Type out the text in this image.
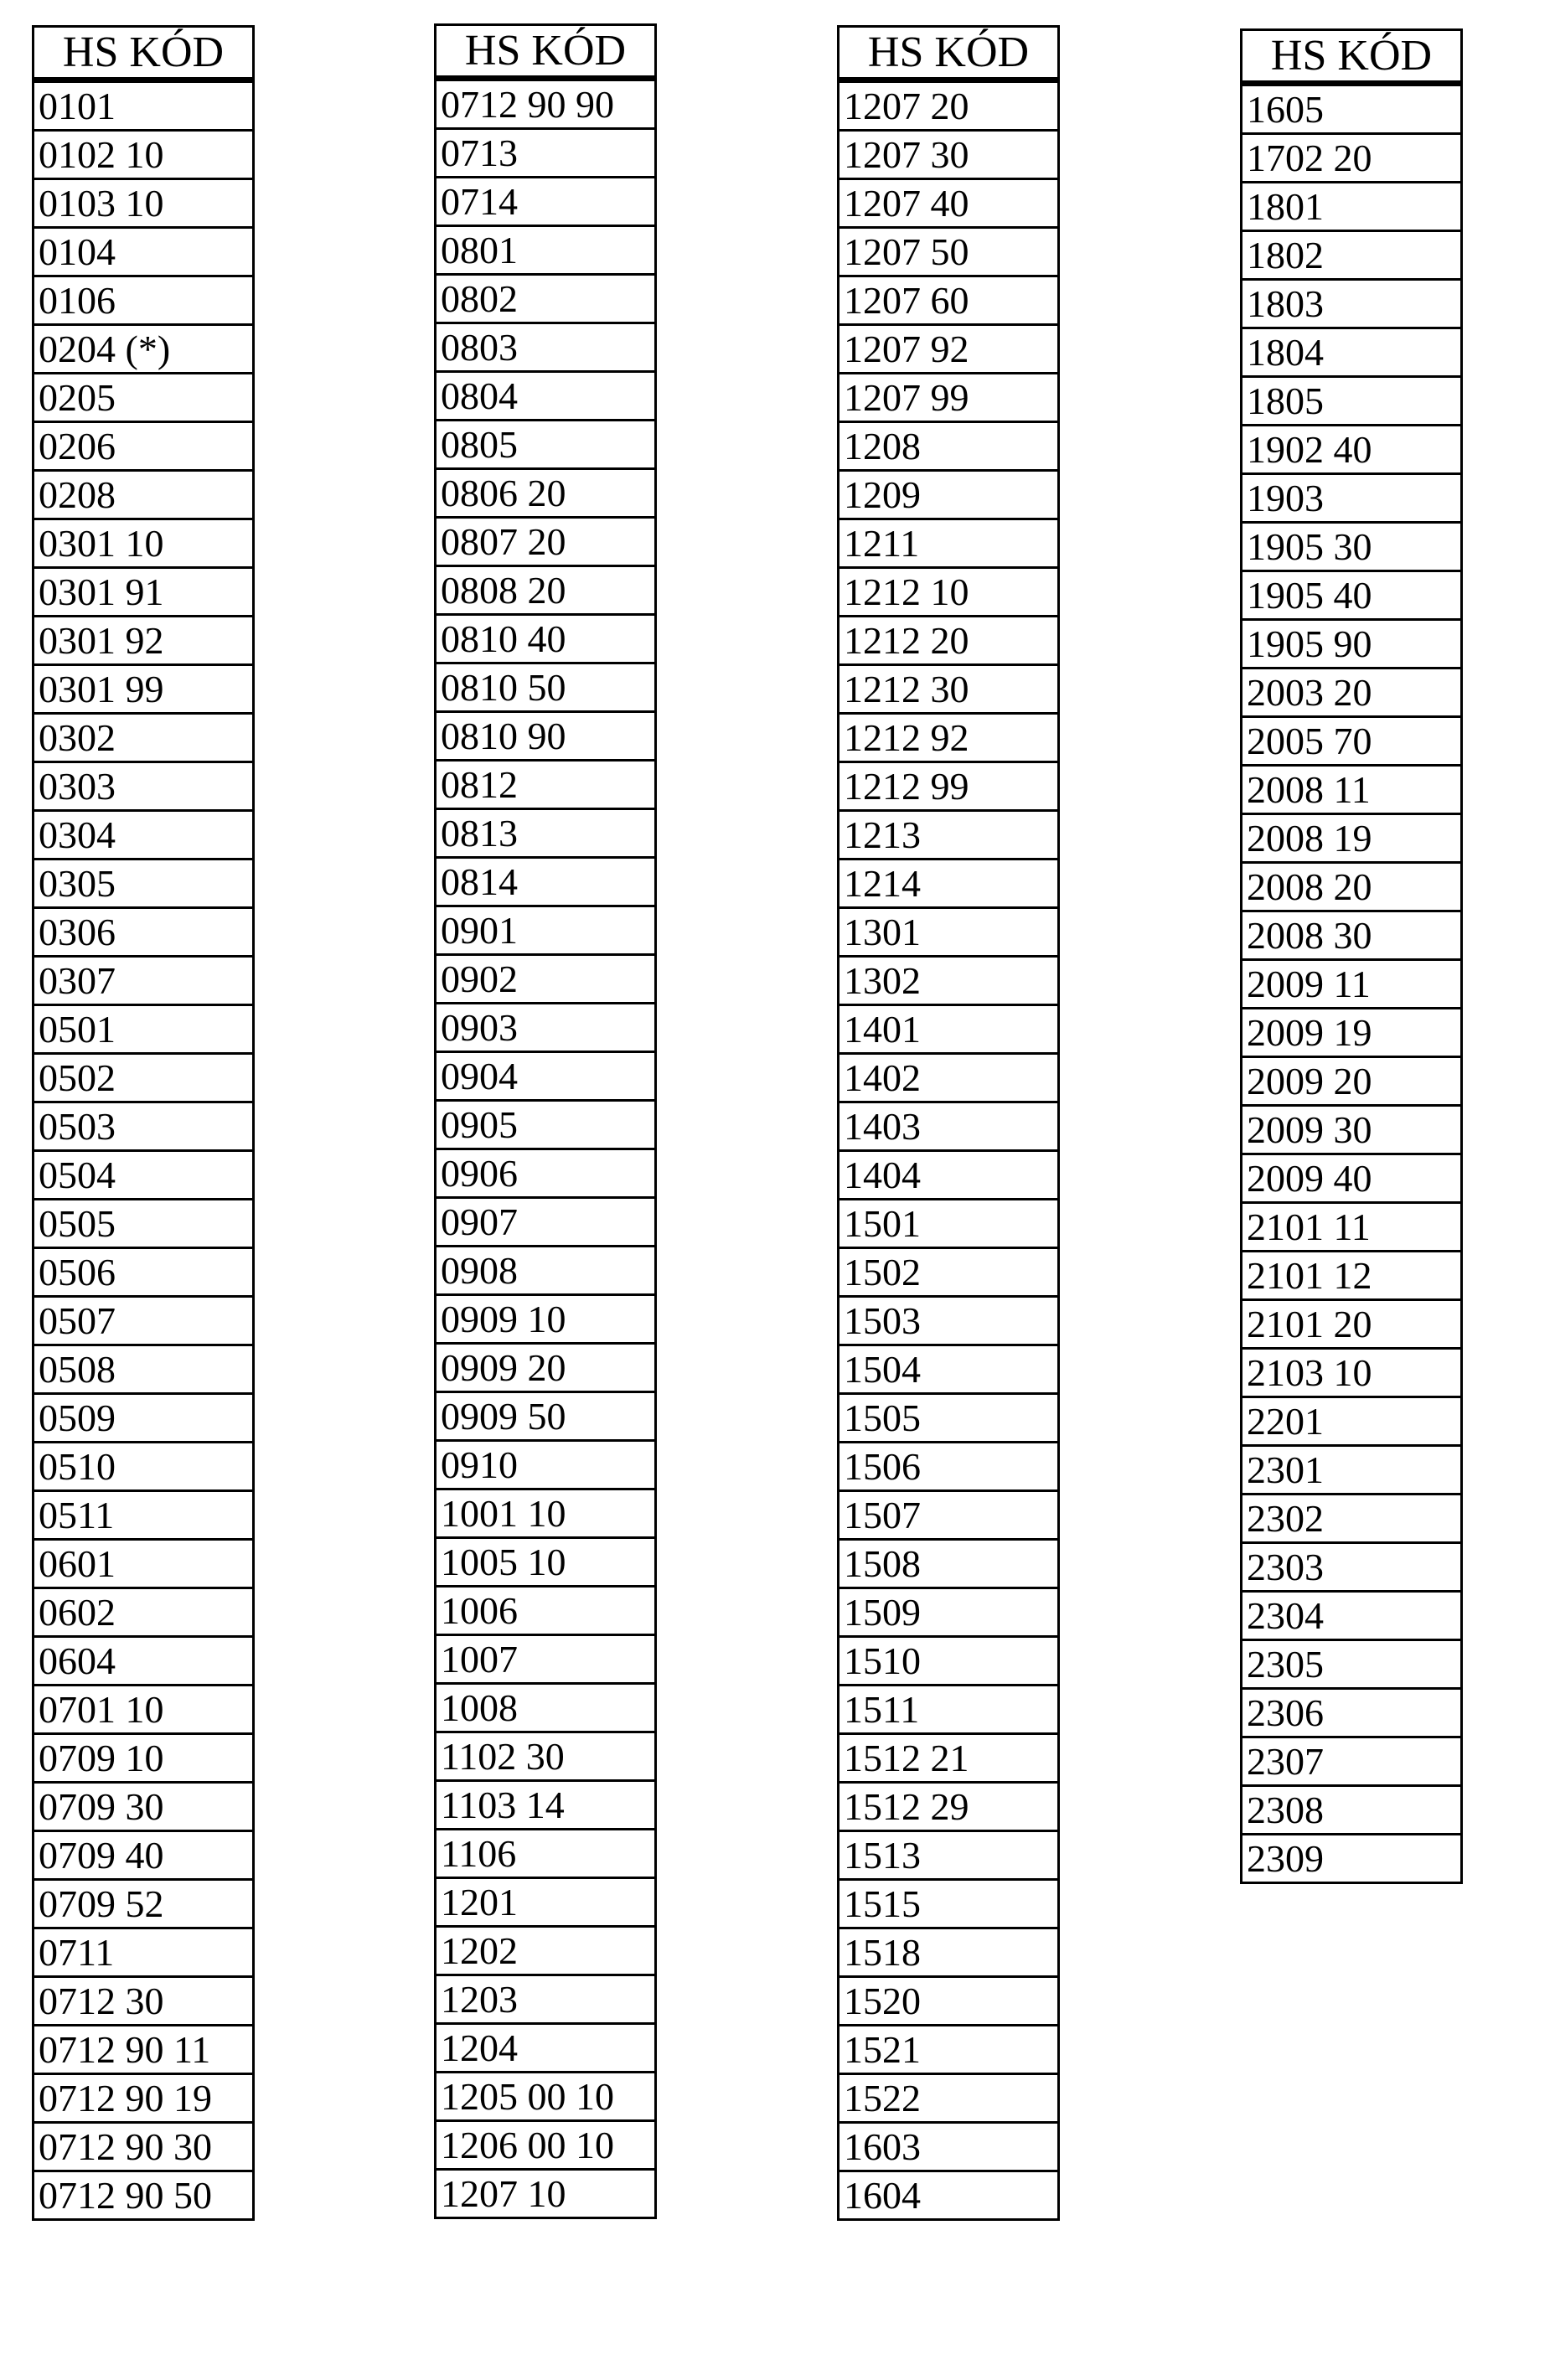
HS KÓD
0101
0102 10
0103 10
0104
0106
0204 (*)
0205
0206
0208
0301 10
0301 91
0301 92
0301 99
0302
0303
0304
0305
0306
0307
0501
0502
0503
0504
0505
0506
0507
0508
0509
0510
0511
0601
0602
0604
0701 10
0709 10
0709 30
0709 40
0709 52
0711
0712 30
0712 90 11
0712 90 19
0712 90 30
0712 90 50
HS KÓD
0712 90 90
0713
0714
0801
0802
0803
0804
0805
0806 20
0807 20
0808 20
0810 40
0810 50
0810 90
0812
0813
0814
0901
0902
0903
0904
0905
0906
0907
0908
0909 10
0909 20
0909 50
0910
1001 10
1005 10
1006
1007
1008
1102 30
1103 14
1106
1201
1202
1203
1204
1205 00 10
1206 00 10
1207 10
HS KÓD
1207 20
1207 30
1207 40
1207 50
1207 60
1207 92
1207 99
1208
1209
1211
1212 10
1212 20
1212 30
1212 92
1212 99
1213
1214
1301
1302
1401
1402
1403
1404
1501
1502
1503
1504
1505
1506
1507
1508
1509
1510
1511
1512 21
1512 29
1513
1515
1518
1520
1521
1522
1603
1604
HS KÓD
1605
1702 20
1801
1802
1803
1804
1805
1902 40
1903
1905 30
1905 40
1905 90
2003 20
2005 70
2008 11
2008 19
2008 20
2008 30
2009 11
2009 19
2009 20
2009 30
2009 40
2101 11
2101 12
2101 20
2103 10
2201
2301
2302
2303
2304
2305
2306
2307
2308
2309
